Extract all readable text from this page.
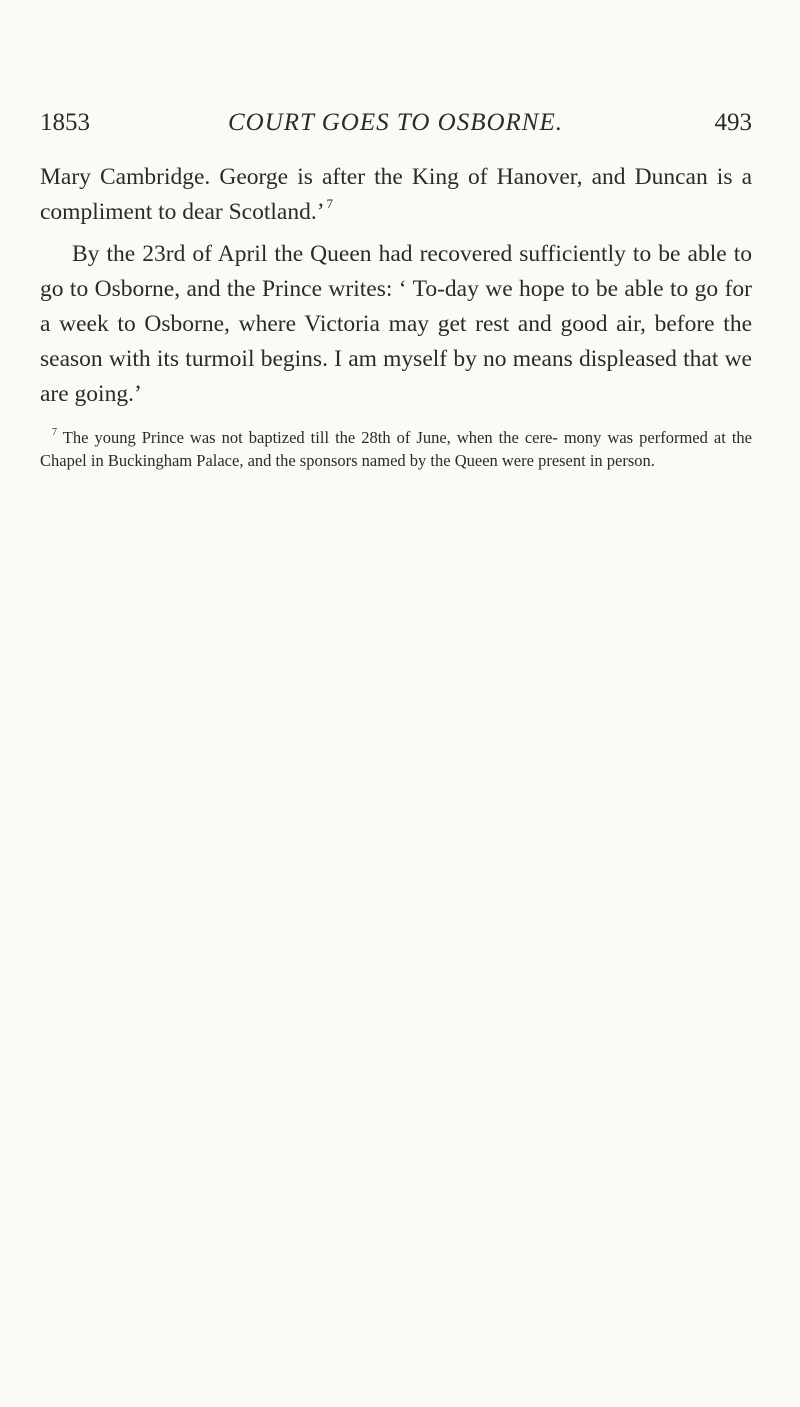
1853	COURT GOES TO OSBORNE.	493

Mary Cambridge. George is after the King of Hanover, and Duncan is a compliment to dear Scotland.’  $^7$

By the 23rd of April the Queen had recovered sufficiently to be able to go to Osborne, and the Prince writes: ‘ To-day we hope to be able to go for a week to Osborne, where Victoria may get rest and good air, before the season with its turmoil begins. I am myself by no means displeased that we are going.’

$^7$ The young Prince was not baptized till the 28th of June, when the cere- mony was performed at the Chapel in Buckingham Palace, and the sponsors named by the Queen were present in person.
